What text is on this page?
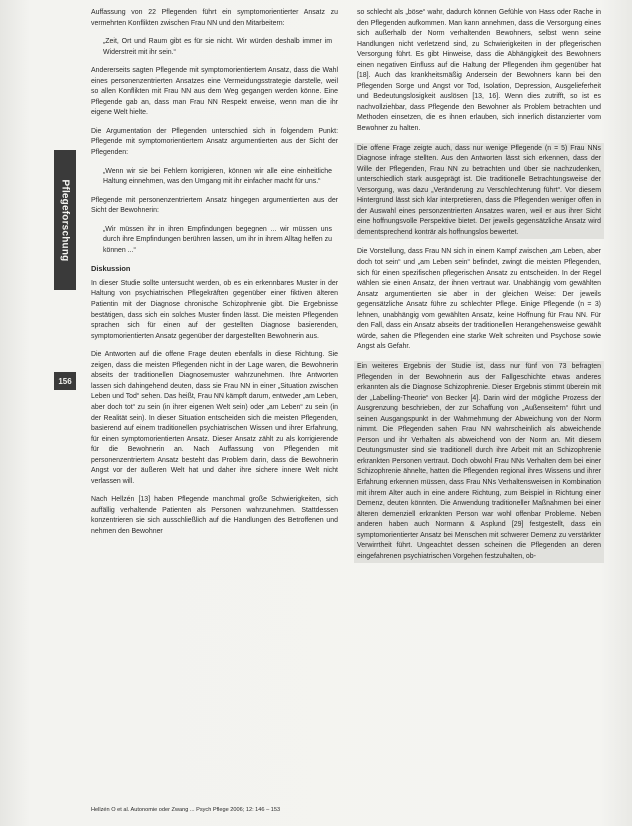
Pflegeforschung
156

Auffassung von 22 Pflegenden führt ein symptomorientierter Ansatz zu vermehrten Konflikten zwischen Frau NN und den Mitarbeitern:

„Zeit, Ort und Raum gibt es für sie nicht. Wir würden deshalb immer im Widerstreit mit ihr sein.“

Andererseits sagten Pflegende mit symptomorientiertem Ansatz, dass die Wahl eines personenzentrierten Ansatzes eine Vermeidungsstrategie darstelle, weil so allen Konflikten mit Frau NN aus dem Weg gegangen werden könne. Eine Pflegende gab an, dass man Frau NN Respekt erweise, wenn man die ihr eigene Welt hielte.

Die Argumentation der Pflegenden unterschied sich in folgendem Punkt: Pflegende mit symptomorientiertem Ansatz argumentierten aus der Sicht der Pflegenden:

„Wenn wir sie bei Fehlern korrigieren, können wir alle eine einheitliche Haltung einnehmen, was den Umgang mit ihr einfacher macht für uns.“

Pflegende mit personenzentriertem Ansatz hingegen argumentierten aus der Sicht der Bewohnerin:

„Wir müssen ihr in ihren Empfindungen begegnen ... wir müssen uns durch ihre Empfindungen berühren lassen, um ihr in ihrem Alltag helfen zu können ...“

Diskussion

In dieser Studie sollte untersucht werden, ob es ein erkennbares Muster in der Haltung von psychiatrischen Pflegekräften gegenüber einer fiktiven älteren Patientin mit der Diagnose chronische Schizophrenie gibt. Die Ergebnisse bestätigen, dass sich ein solches Muster finden lässt. Die meisten Pflegenden sprachen sich für einen auf der gestellten Diagnose basierenden, symptomorientierten Ansatz gegenüber der dargestellten Bewohnerin aus.

Die Antworten auf die offene Frage deuten ebenfalls in diese Richtung. Sie zeigen, dass die meisten Pflegenden nicht in der Lage waren, die Bewohnerin abseits der traditionellen Diagnosemuster wahrzunehmen. Ihre Antworten lassen sich dahingehend deuten, dass sie Frau NN in einer „Situation zwischen Leben und Tod“ sehen. Das heißt, Frau NN kämpft darum, entweder „am Leben, aber doch tot“ zu sein (in ihrer eigenen Welt sein) oder „am Leben“ zu sein (in der Realität sein). In dieser Situation entscheiden sich die meisten Pflegenden, basierend auf einem traditionellen psychiatrischen Wissen und ihrer Erfahrung, für einen symptomorientierten Ansatz. Dieser Ansatz zählt zu als korrigierende für die Bewohnerin an. Nach Auffassung von Pflegenden mit personenzentriertem Ansatz besteht das Problem darin, dass die Bewohnerin Angst vor der äußeren Welt hat und daher ihre sichere innere Welt nicht verlassen will.

Nach Hellzén [13] haben Pflegende manchmal große Schwierigkeiten, sich auffällig verhaltende Patienten als Personen wahrzunehmen. Stattdessen konzentrieren sie sich ausschließlich auf die Handlungen des Betroffenen und nehmen den Bewohner

so schlecht als „böse“ wahr, dadurch können Gefühle von Hass oder Rache in den Pflegenden aufkommen. Man kann annehmen, dass die Versorgung eines sich außerhalb der Norm verhaltenden Bewohners, selbst wenn seine Handlungen nicht verletzend sind, zu Schwierigkeiten in der pflegerischen Versorgung führt. Es gibt Hinweise, dass die Abhängigkeit des Bewohners einen negativen Einfluss auf die Haltung der Pflegenden ihm gegenüber hat [18]. Auch das krankheitsmäßig Andersein der Bewohners kann bei den Pflegenden Sorge und Angst vor Tod, Isolation, Depression, Ausgelieferheit und Bedeutungslosigkeit auslösen [13, 16]. Wenn dies zutrifft, so ist es nachvollziehbar, dass Pflegende den Bewohner als Problem betrachten und Methoden einsetzen, die es ihnen erlauben, sich innerlich distanzierter vom Bewohner zu halten.

Die offene Frage zeigte auch, dass nur wenige Pflegende (n = 5) Frau NNs Diagnose infrage stellten. Aus den Antworten lässt sich erkennen, dass der Wille der Pflegenden, Frau NN zu betrachten und über sie nachzudenken, unterschiedlich stark ausgeprägt ist. Die traditionelle Betrachtungsweise der Versorgung, was dazu „Veränderung zu Verschlechterung führt“. Vor diesem Hintergrund lässt sich klar interpretieren, dass die Pflegenden weniger offen in der Auswahl eines personzentrierten Ansatzes waren, weil er aus ihrer Sicht eine hoffnungsvolle Perspektive bietet. Der jeweils gegensätzliche Ansatz wird dementsprechend konträr als hoffnungslos bewertet.

Die Vorstellung, dass Frau NN sich in einem Kampf zwischen „am Leben, aber doch tot sein“ und „am Leben sein“ befindet, zwingt die meisten Pflegenden, sich für einen spezifischen pflegerischen Ansatz zu entscheiden. In der Regel wählen sie einen Ansatz, der ihnen vertraut war. Unabhängig vom gewählten Ansatz argumentierten sie aber in der gleichen Weise: Der jeweils gegensätzliche Ansatz führe zu schlechter Pflege. Einige Pflegende (n = 3) lehnen, unabhängig vom gewählten Ansatz, keine Hoffnung für Frau NN. Für den Fall, dass ein Ansatz abseits der traditionellen Herangehensweise gewählt würde, sahen die Pflegenden eine starke Welt schreiten und Psychose sowie Angst als Gefahr.

Ein weiteres Ergebnis der Studie ist, dass nur fünf von 73 befragten Pflegenden in der Bewohnerin aus der Fallgeschichte etwas anderes erkannten als die Diagnose Schizophrenie. Dieser Ergebnis stimmt überein mit der „Labelling-Theorie“ von Becker [4]. Darin wird der mögliche Prozess der Ausgrenzung beschrieben, der zur Schaffung von „Außenseitern“ führt und seinen Ausgangspunkt in der Wahrnehmung der Abweichung von der Norm nimmt. Die Pflegenden sahen Frau NN wahrscheinlich als abweichende Person und ihr Verhalten als abweichend von der Norm an. Mit diesem Deutungsmuster sind sie traditionell durch ihre Arbeit mit an Schizophrenie erkrankten Personen vertraut. Doch obwohl Frau NNs Verhalten dem bei einer Schizophrenie ähnelte, hatten die Pflegenden regional ihres Wissens und ihrer Erfahrung erkennen müssen, dass Frau NNs Verhaltensweisen in Kombination mit ihrem Alter auch in eine andere Richtung, zum Beispiel in Richtung einer Demenz, deuten könnten. Die Anwendung traditioneller Maßnahmen bei einer älteren demenziell erkrankten Person war wohl offenbar Probleme. Neben anderen haben auch Normann & Asplund [29] festgestellt, dass ein symptomorientierter Ansatz bei Menschen mit schwerer Demenz zu verstärkter Verwirrtheit führt. Ungeachtet dessen scheinen die Pflegenden an deren eingefahrenen psychiatrischen Vorgehen festzuhalten, ob-

Hellzén O et al. Autonomie oder Zwang ... Psych Pflege 2006; 12: 146 – 153
